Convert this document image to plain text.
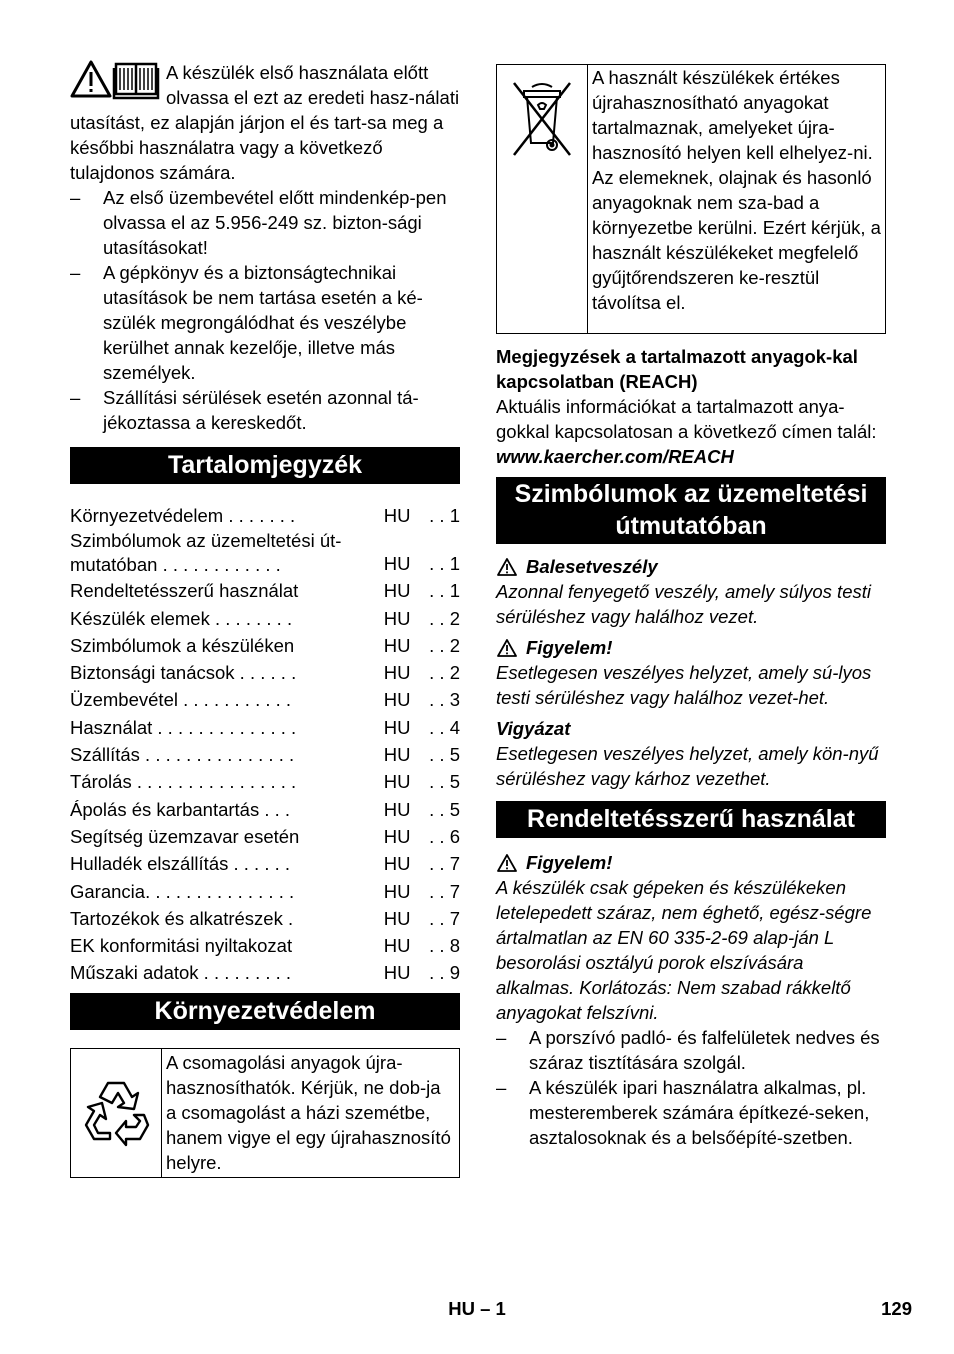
A készülék első használata előtt olvassa el ezt az eredeti hasz-nálati utasítást, ez alapján járjon el és tart-sa meg a későbbi használatra vagy a következő tulajdonos számára.

– Az első üzembevétel előtt mindenkép-pen olvassa el az 5.956-249 sz. bizton-sági utasításokat!
– A gépkönyv és a biztonságtechnikai utasítások be nem tartása esetén a ké-szülék megrongálódhat és veszélybe kerülhet annak kezelője, illetve más személyek.
– Szállítási sérülések esetén azonnal tá-jékoztassa a kereskedőt.
Tartalomjegyzék
Környezetvédelem . . . . . . .	HU	. . 1
Szimbólumok az üzemeltetési út-mutatóban . . . . . . . . . . . .	HU	. . 1
Rendeltetésszerű használat	HU	. . 1
Készülék elemek . . . . . . . .	HU	. . 2
Szimbólumok a készüléken	HU	. . 2
Biztonsági tanácsok . . . . . .	HU	. . 2
Üzembevétel . . . . . . . . . . .	HU	. . 3
Használat . . . . . . . . . . . . . .	HU	. . 4
Szállítás . . . . . . . . . . . . . . .	HU	. . 5
Tárolás . . . . . . . . . . . . . . . .	HU	. . 5
Ápolás és karbantartás . . .	HU	. . 5
Segítség üzemzavar esetén	HU	. . 6
Hulladék elszállítás . . . . . .	HU	. . 7
Garancia. . . . . . . . . . . . . . .	HU	. . 7
Tartozékok és alkatrészek .	HU	. . 7
EK konformitási nyiltakozat	HU	. . 8
Műszaki adatok . . . . . . . . .	HU	. . 9
Környezetvédelem
A csomagolási anyagok újra-hasznosíthatók. Kérjük, ne dob-ja a csomagolást a házi szemétbe, hanem vigye el egy újrahasznosító helyre.
A használt készülékek értékes újrahasznosítható anyagokat tartalmaznak, amelyeket újra-hasznosító helyen kell elhelyez-ni. Az elemeknek, olajnak és hasonló anyagoknak nem sza-bad a környezetbe kerülni. Ezért kérjük, a használt készülékeket megfelelő gyűjtőrendszeren ke-resztül távolítsa el.

Megjegyzések a tartalmazott anyagok-kal kapcsolatban (REACH)

Aktuális információkat a tartalmazott anya-gokkal kapcsolatosan a következő címen talál:

www.kaercher.com/REACH

Szimbólumok az üzemeltetési útmutatóban
Balesetveszély

Azonnal fenyegető veszély, amely súlyos testi sérüléshez vagy halálhoz vezet.

Figyelem!

Esetlegesen veszélyes helyzet, amely sú-lyos testi sérüléshez vagy halálhoz vezet-het.

Vigyázat

Esetlegesen veszélyes helyzet, amely kön-nyű sérüléshez vagy kárhoz vezethet.

Rendeltetésszerű használat
Figyelem!

A készülék csak gépeken és készülékeken letelepedett száraz, nem éghető, egész-ségre ártalmatlan az EN 60 335-2-69 alap-ján L besorolási osztályú porok elszívására alkalmas. Korlátozás: Nem szabad rákkeltő anyagokat felszívni.

– A porszívó padló- és falfelületek nedves és száraz tisztítására szolgál.
– A készülék ipari használatra alkalmas, pl. mesteremberek számára építkezé-seken, asztalosoknak és a belsőépíté-szetben.
HU – 1	129
